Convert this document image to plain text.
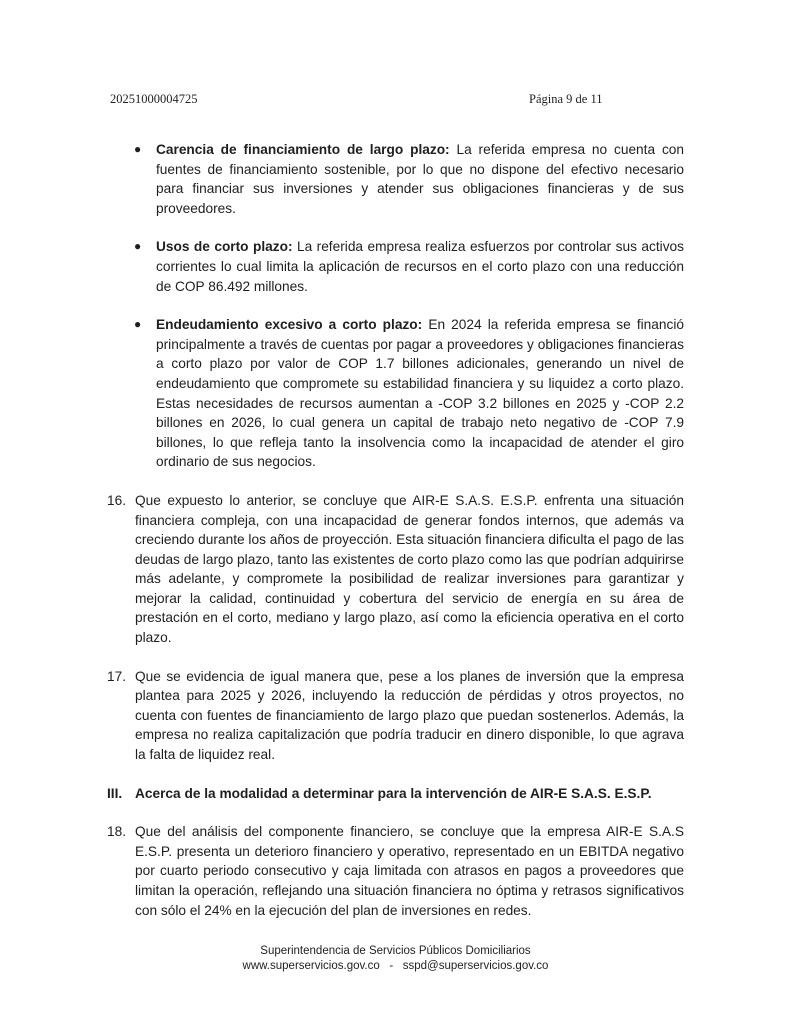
20251000004725	Página 9 de 11
● Carencia de financiamiento de largo plazo: La referida empresa no cuenta con fuentes de financiamiento sostenible, por lo que no dispone del efectivo necesario para financiar sus inversiones y atender sus obligaciones financieras y de sus proveedores.
● Usos de corto plazo: La referida empresa realiza esfuerzos por controlar sus activos corrientes lo cual limita la aplicación de recursos en el corto plazo con una reducción de COP 86.492 millones.
● Endeudamiento excesivo a corto plazo: En 2024 la referida empresa se financió principalmente a través de cuentas por pagar a proveedores y obligaciones financieras a corto plazo por valor de COP 1.7 billones adicionales, generando un nivel de endeudamiento que compromete su estabilidad financiera y su liquidez a corto plazo. Estas necesidades de recursos aumentan a -COP 3.2 billones en 2025 y -COP 2.2 billones en 2026, lo cual genera un capital de trabajo neto negativo de -COP 7.9 billones, lo que refleja tanto la insolvencia como la incapacidad de atender el giro ordinario de sus negocios.
16. Que expuesto lo anterior, se concluye que AIR-E S.A.S. E.S.P. enfrenta una situación financiera compleja, con una incapacidad de generar fondos internos, que además va creciendo durante los años de proyección. Esta situación financiera dificulta el pago de las deudas de largo plazo, tanto las existentes de corto plazo como las que podrían adquirirse más adelante, y compromete la posibilidad de realizar inversiones para garantizar y mejorar la calidad, continuidad y cobertura del servicio de energía en su área de prestación en el corto, mediano y largo plazo, así como la eficiencia operativa en el corto plazo.
17. Que se evidencia de igual manera que, pese a los planes de inversión que la empresa plantea para 2025 y 2026, incluyendo la reducción de pérdidas y otros proyectos, no cuenta con fuentes de financiamiento de largo plazo que puedan sostenerlos. Además, la empresa no realiza capitalización que podría traducir en dinero disponible, lo que agrava la falta de liquidez real.
III. Acerca de la modalidad a determinar para la intervención de AIR-E S.A.S. E.S.P.
18. Que del análisis del componente financiero, se concluye que la empresa AIR-E S.A.S E.S.P. presenta un deterioro financiero y operativo, representado en un EBITDA negativo por cuarto periodo consecutivo y caja limitada con atrasos en pagos a proveedores que limitan la operación, reflejando una situación financiera no óptima y retrasos significativos con sólo el 24% en la ejecución del plan de inversiones en redes.
Superintendencia de Servicios Públicos Domiciliarios
www.superservicios.gov.co - sspd@superservicios.gov.co
